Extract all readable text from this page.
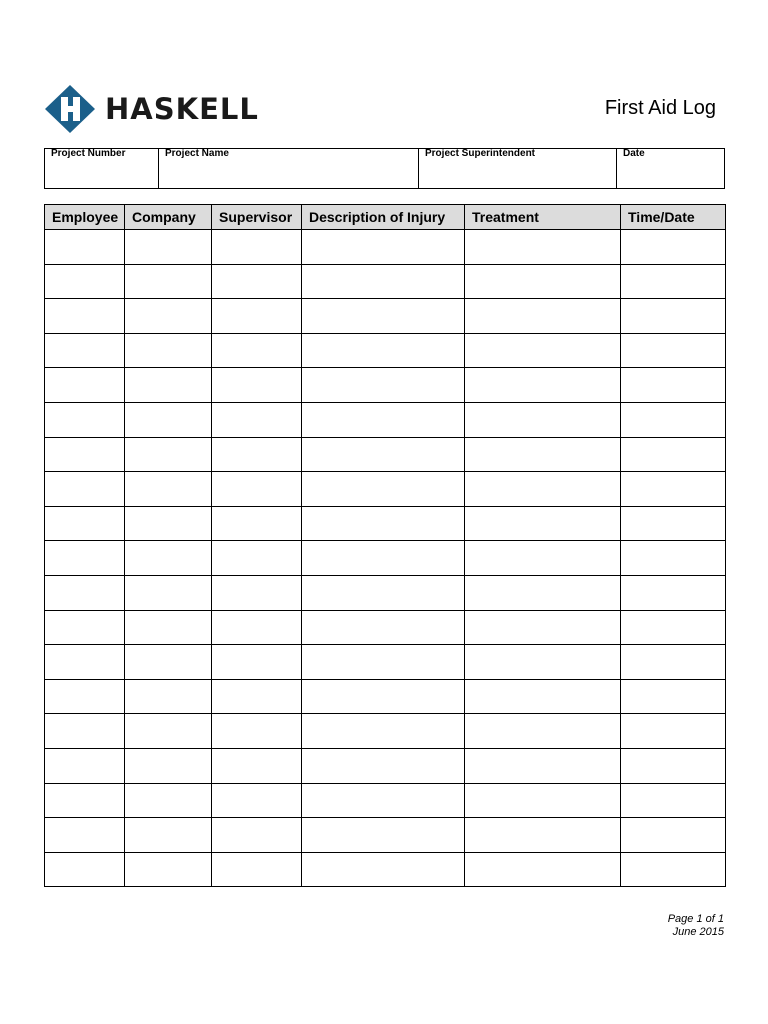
HASKELL	First Aid Log
Project Number	Project Name	Project Superintendent	Date
Employee	Company	Supervisor	Description of Injury	Treatment	Time/Date

Page 1 of 1
June 2015
